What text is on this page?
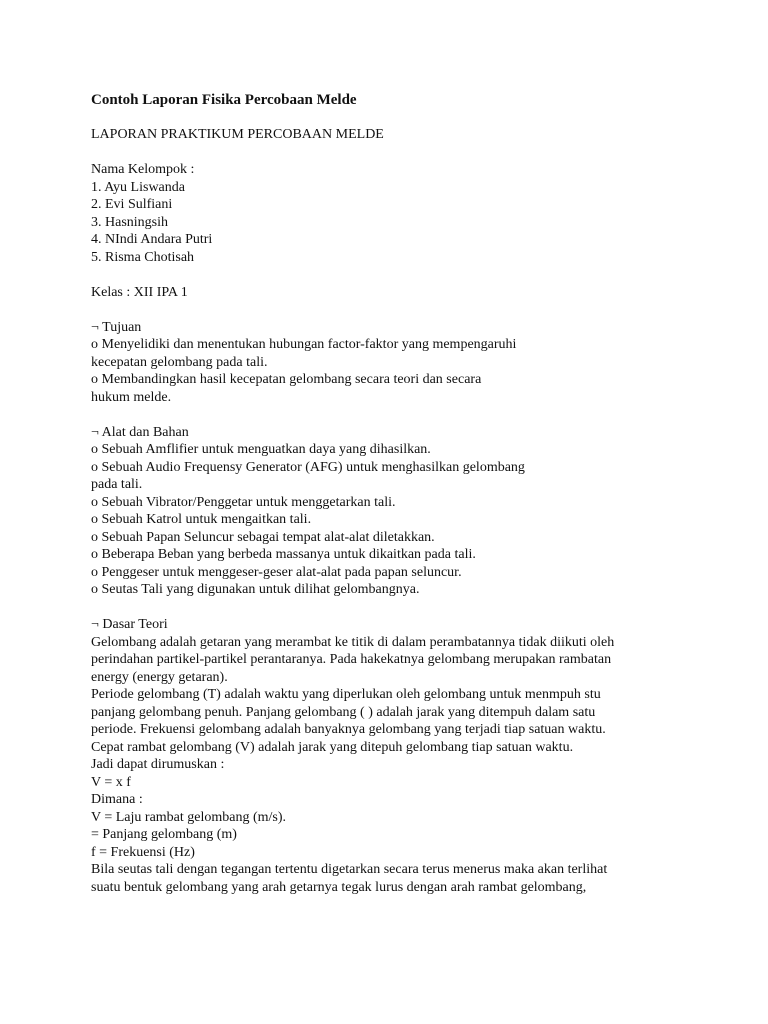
Contoh Laporan Fisika Percobaan Melde

LAPORAN PRAKTIKUM PERCOBAAN MELDE
Nama Kelompok :
1. Ayu Liswanda
2. Evi Sulfiani
3. Hasningsih
4. NIndi Andara Putri
5. Risma Chotisah
Kelas : XII IPA 1
¬ Tujuan
o Menyelidiki dan menentukan hubungan factor-faktor yang mempengaruhi
kecepatan gelombang pada tali.
o Membandingkan hasil kecepatan gelombang secara teori dan secara
hukum melde.
¬ Alat dan Bahan
o Sebuah Amflifier untuk menguatkan daya yang dihasilkan.
o Sebuah Audio Frequensy Generator (AFG) untuk menghasilkan gelombang
pada tali.
o Sebuah Vibrator/Penggetar untuk menggetarkan tali.
o Sebuah Katrol untuk mengaitkan tali.
o Sebuah Papan Seluncur sebagai tempat alat-alat diletakkan.
o Beberapa Beban yang berbeda massanya untuk dikaitkan pada tali.
o Penggeser untuk menggeser-geser alat-alat pada papan seluncur.
o Seutas Tali yang digunakan untuk dilihat gelombangnya.
¬ Dasar Teori
Gelombang adalah getaran yang merambat ke titik di dalam perambatannya tidak diikuti oleh
perindahan partikel-partikel perantaranya. Pada hakekatnya gelombang merupakan rambatan
energy (energy getaran).
Periode gelombang (T) adalah waktu yang diperlukan oleh gelombang untuk menmpuh stu
panjang gelombang penuh. Panjang gelombang ( ) adalah jarak yang ditempuh dalam satu
periode. Frekuensi gelombang adalah banyaknya gelombang yang terjadi tiap satuan waktu.
Cepat rambat gelombang (V) adalah jarak yang ditepuh gelombang tiap satuan waktu.
Jadi dapat dirumuskan :
V = x f
Dimana :
V = Laju rambat gelombang (m/s).
= Panjang gelombang (m)
f = Frekuensi (Hz)
Bila seutas tali dengan tegangan tertentu digetarkan secara terus menerus maka akan terlihat
suatu bentuk gelombang yang arah getarnya tegak lurus dengan arah rambat gelombang,
